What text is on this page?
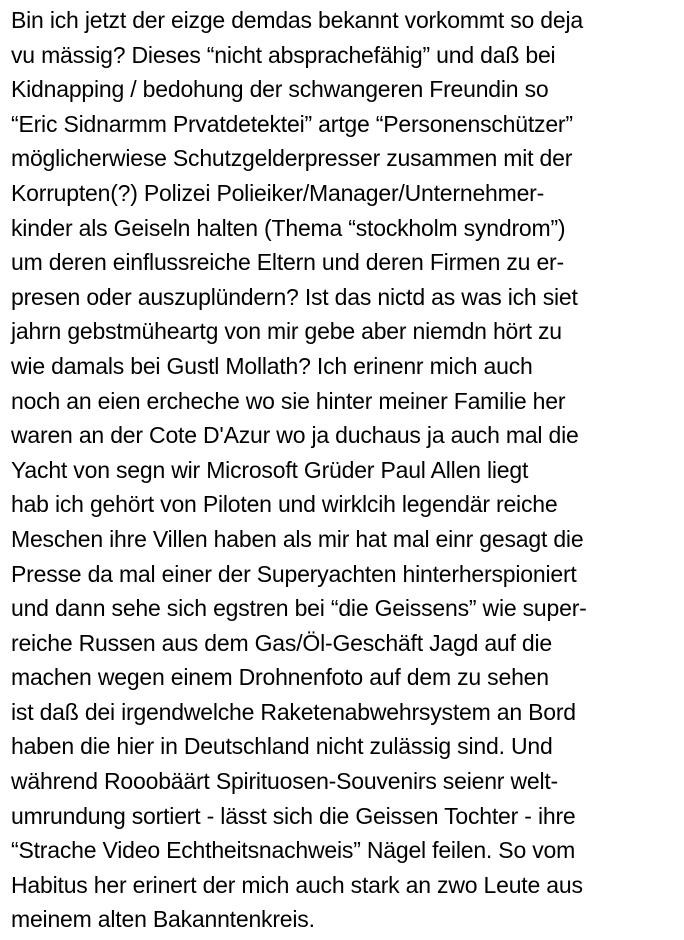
Bin ich jetzt der eizge demdas bekannt vorkommt so deja
vu mässig? Dieses “nicht absprachefähig” und daß bei
Kidnapping / bedohung der schwangeren Freundin so
“Eric Sidnarmm Prvatdetektei” artge “Personenschützer”
möglicherwiese Schutzgelderpresser zusammen mit der
Korrupten(?) Polizei Polieiker/Manager/Unternehmer-
kinder als Geiseln halten (Thema “stockholm syndrom”)
um deren einflussreiche Eltern und deren Firmen zu er-
presen oder auszuplündern? Ist das nictd as was ich siet
jahrn gebstmüheartg von mir gebe aber niemdn hört zu
wie damals bei Gustl Mollath? Ich erinenr mich auch
noch an eien ercheche wo sie hinter meiner Familie her
waren an der Cote D'Azur wo ja duchaus ja auch mal die
Yacht von segn wir Microsoft Grüder Paul Allen liegt
hab ich gehört von Piloten und wirklcih legendär reiche
Meschen ihre Villen haben als mir hat mal einr gesagt die
Presse da mal einer der Superyachten hinterherspioniert
und dann sehe sich egstren bei “die Geissens” wie super-
reiche Russen aus dem Gas/Öl-Geschäft Jagd auf die
machen wegen einem Drohnenfoto auf dem zu sehen
ist daß dei irgendwelche Raketenabwehrsystem an Bord
haben die hier in Deutschland nicht zulässig sind. Und
während Rooobäärt Spirituosen-Souvenirs seienr welt-
umrundung sortiert - lässt sich die Geissen Tochter - ihre
“Strache Video Echtheitsnachweis” Nägel feilen. So vom
Habitus her erinert der mich auch stark an zwo Leute aus
meinem alten Bakanntenkreis.
